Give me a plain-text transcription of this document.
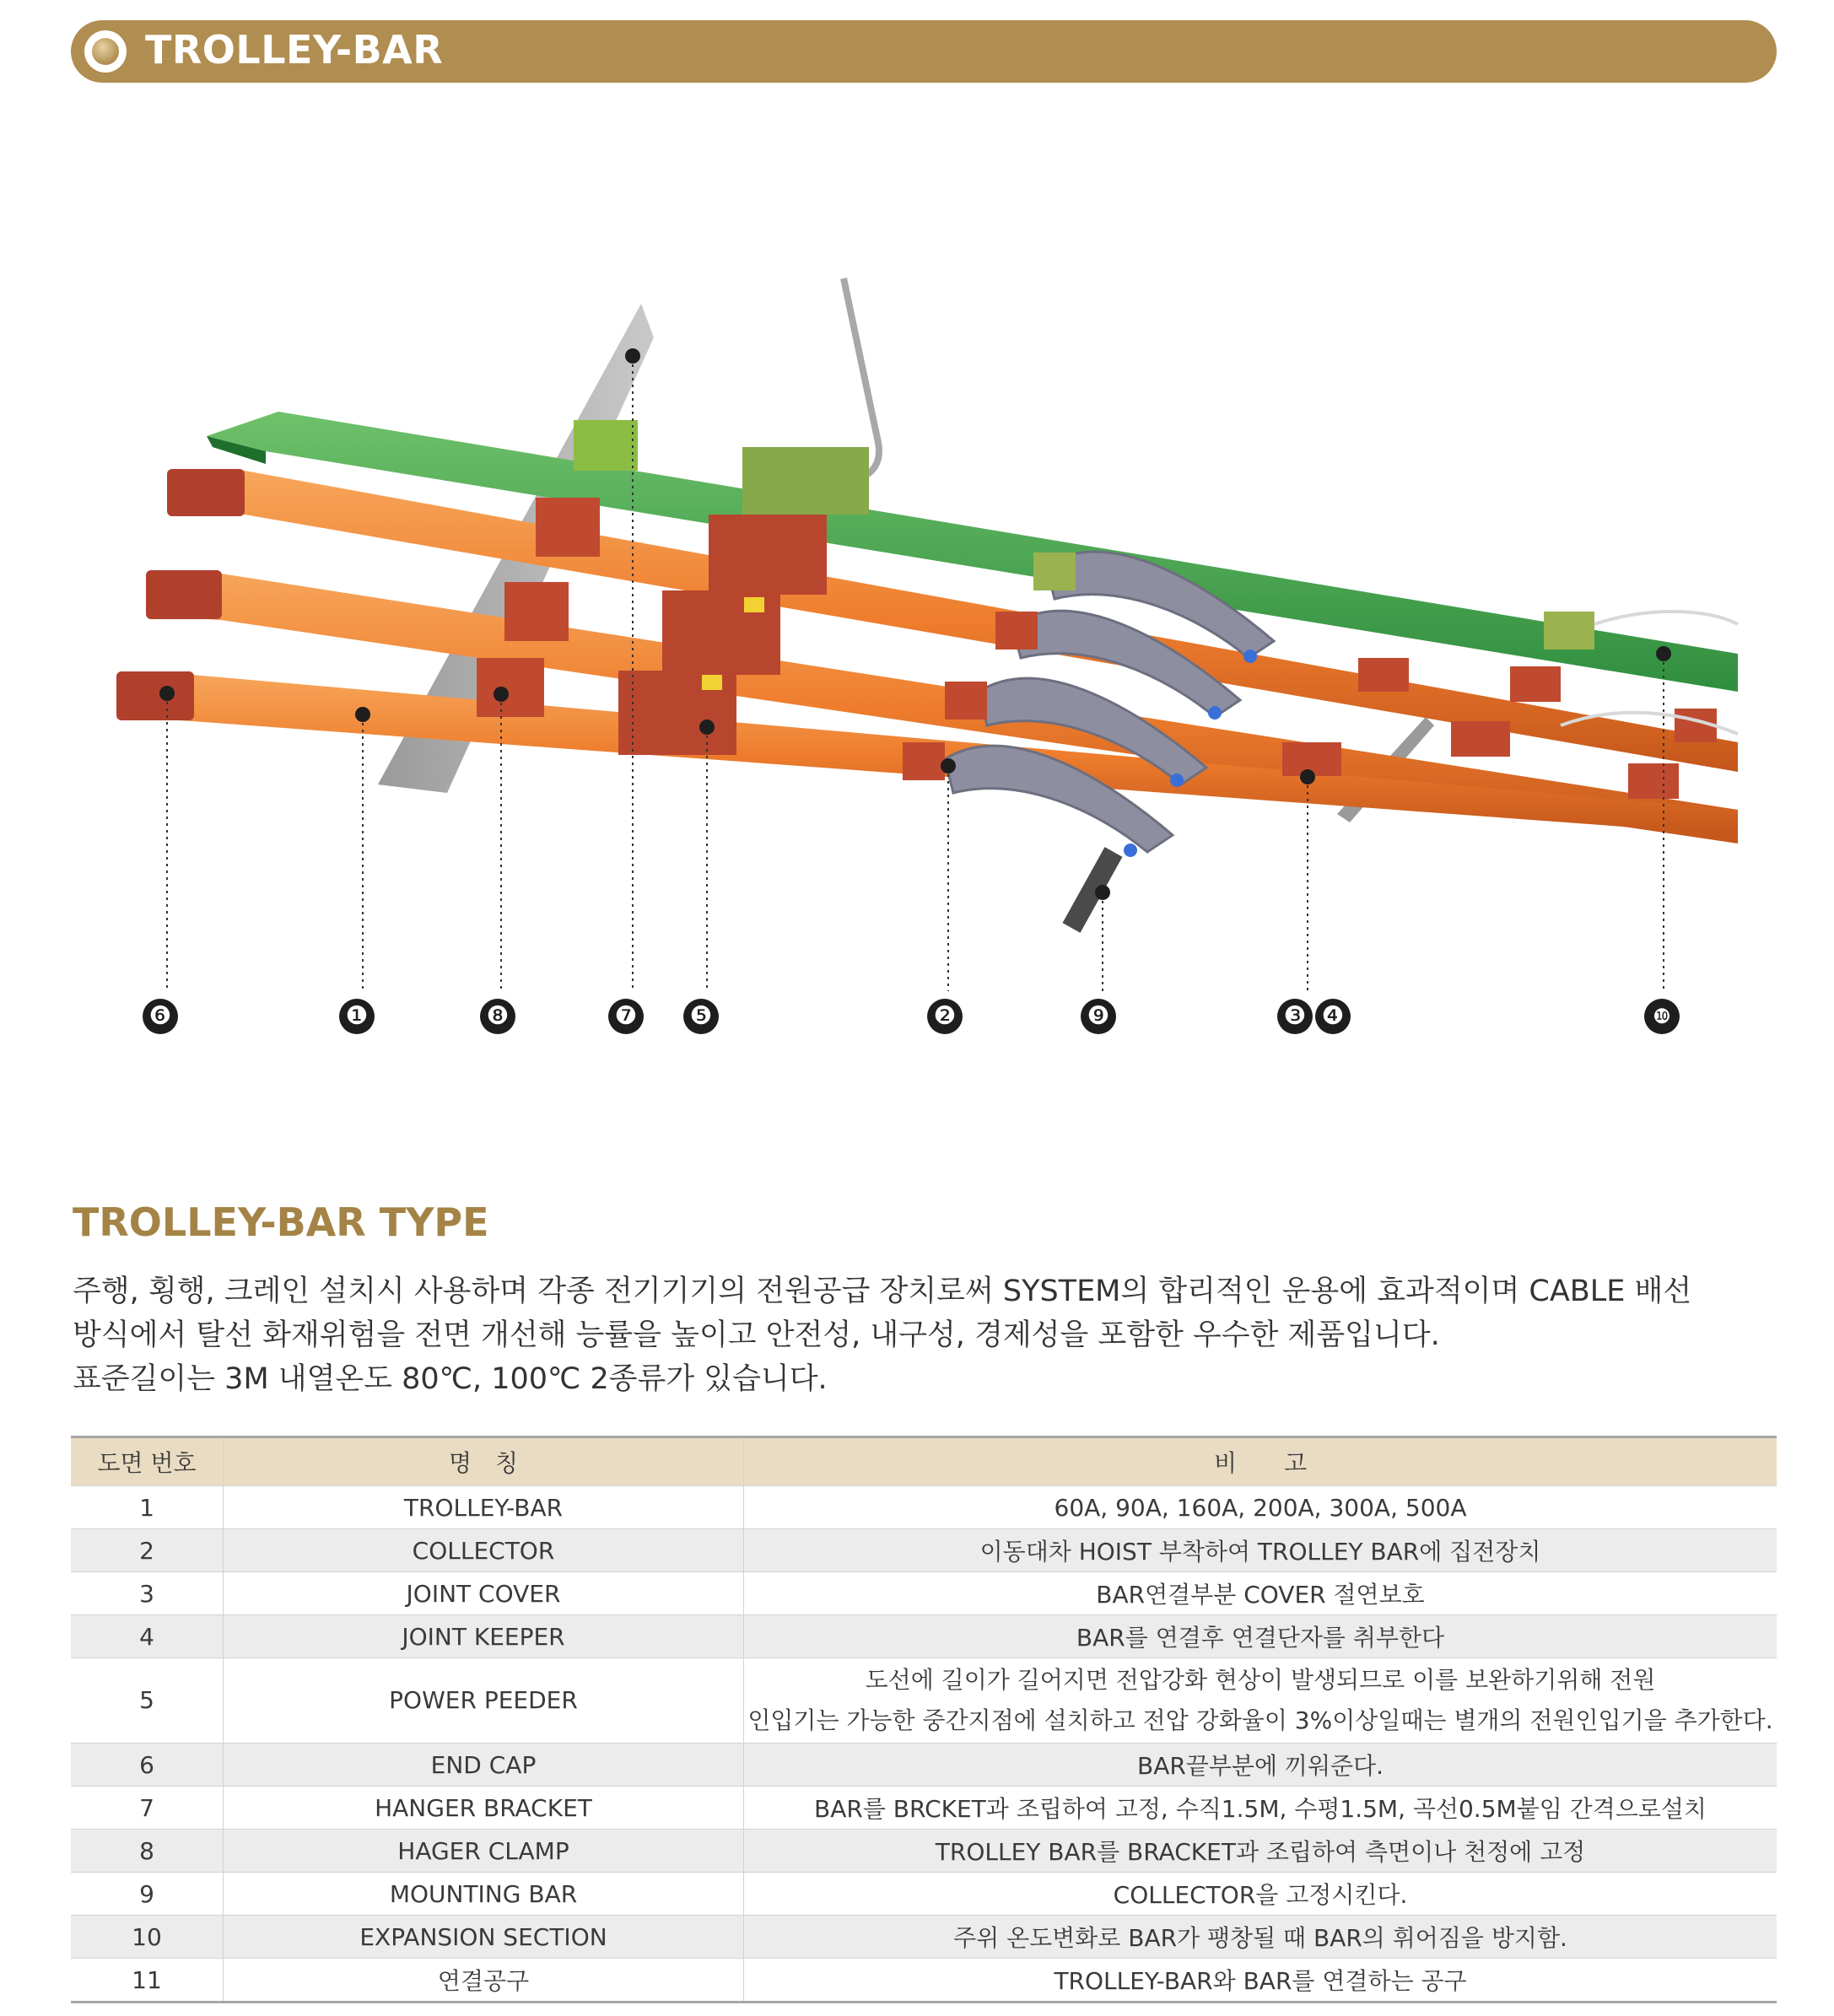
TROLLEY-BAR
❻	❶	❽	❼ ❺	❷	❾	❸ ❹	❿
TROLLEY-BAR TYPE

주행, 횡행, 크레인 설치시 사용하며 각종 전기기기의 전원공급 장치로써 SYSTEM의 합리적인 운용에 효과적이며 CABLE 배선

방식에서 탈선 화재위험을 전면 개선해 능률을 높이고 안전성, 내구성, 경제성을 포함한 우수한 제품입니다.

표준길이는 3M 내열온도 80℃, 100℃ 2종류가 있습니다.

도면 번호	명　칭	비　　고
1	TROLLEY-BAR	60A, 90A, 160A, 200A, 300A, 500A
2	COLLECTOR	이동대차 HOIST 부착하여 TROLLEY BAR에 집전장치
3	JOINT COVER	BAR연결부분 COVER 절연보호
4	JOINT KEEPER	BAR를 연결후 연결단자를 취부한다
5	POWER PEEDER	도선에 길이가 길어지면 전압강화 현상이 발생되므로 이를 보완하기위해 전원
인입기는 가능한 중간지점에 설치하고 전압 강화율이 3%이상일때는 별개의 전원인입기을 추가한다.

6	END CAP	BAR끝부분에 끼워준다.
7	HANGER BRACKET	BAR를 BRCKET과 조립하여 고정, 수직1.5M, 수평1.5M, 곡선0.5M붙임 간격으로설치
8	HAGER CLAMP	TROLLEY BAR를 BRACKET과 조립하여 측면이나 천정에 고정
9	MOUNTING BAR	COLLECTOR을 고정시킨다.
10	EXPANSION SECTION	주위 온도변화로 BAR가 팽창될 때 BAR의 휘어짐을 방지함.
11	연결공구	TROLLEY-BAR와 BAR를 연결하는 공구
